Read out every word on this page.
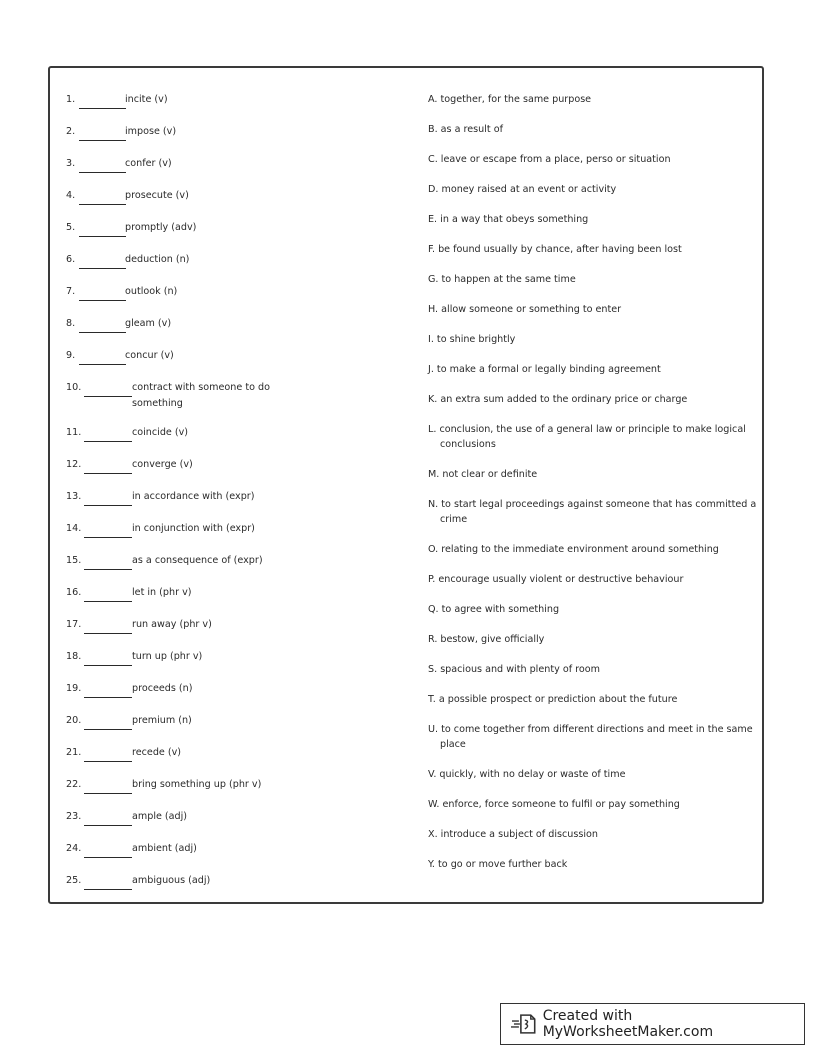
1.	incite (v)
2.	impose (v)
3.	confer (v)
4.	prosecute (v)
5.	promptly (adv)
6.	deduction (n)
7.	outlook (n)
8.	gleam (v)
9.	concur (v)
10.	contract with someone to do something
11.	coincide (v)
12.	converge (v)
13.	in accordance with (expr)
14.	in conjunction with (expr)
15.	as a consequence of (expr)
16.	let in (phr v)
17.	run away (phr v)
18.	turn up (phr v)
19.	proceeds (n)
20.	premium (n)
21.	recede (v)
22.	bring something up (phr v)
23.	ample (adj)
24.	ambient (adj)
25.	ambiguous (adj)
A. together, for the same purpose
B. as a result of
C. leave or escape from a place, perso or situation
D. money raised at an event or activity
E. in a way that obeys something
F. be found usually by chance, after having been lost
G. to happen at the same time
H. allow someone or something to enter
I. to shine brightly
J. to make a formal or legally binding agreement
K. an extra sum added to the ordinary price or charge
L. conclusion, the use of a general law or principle to make logical conclusions
M. not clear or definite
N. to start legal proceedings against someone that has committed a crime
O. relating to the immediate environment around something
P. encourage usually violent or destructive behaviour
Q. to agree with something
R. bestow, give officially
S. spacious and with plenty of room
T. a possible prospect or prediction about the future
U. to come together from different directions and meet in the same place
V. quickly, with no delay or waste of time
W. enforce, force someone to fulfil or pay something
X. introduce a subject of discussion
Y. to go or move further back
Created with MyWorksheetMaker.com
